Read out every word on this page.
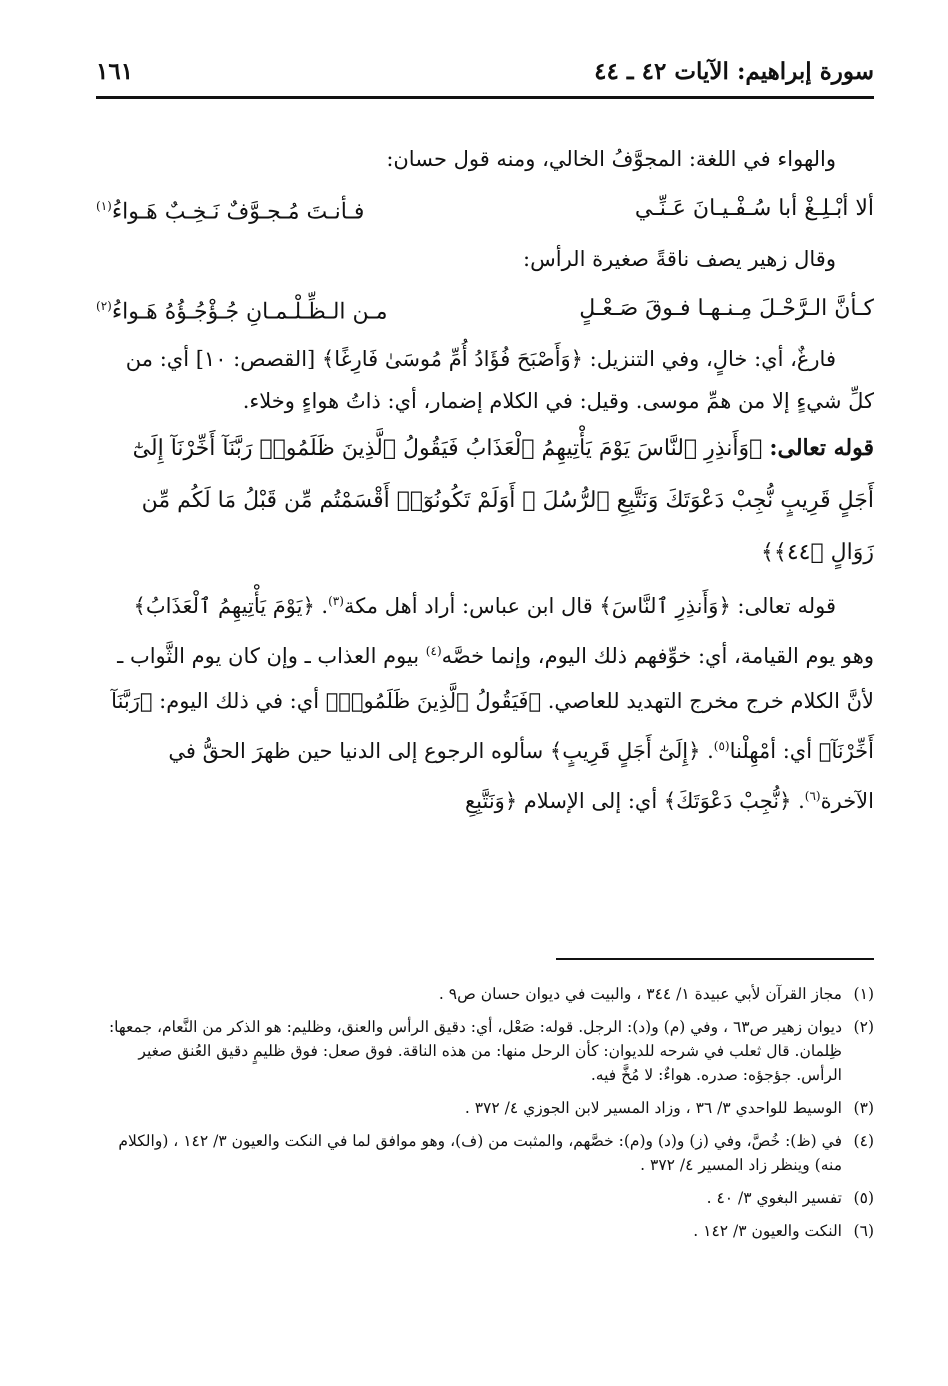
سورة إبراهيم: الآيات ٤٢ ـ ٤٤
١٦١

والهواء في اللغة: المجوَّفُ الخالي، ومنه قول حسان:

ألا أبْـلِـغْ أبا سُـفْـيـانَ عَـنِّـي
فـأنـتَ مُـجـوَّفٌ نَـخِـبٌ هَـواءُ$^{(١)}$

وقال زهير يصف ناقةً صغيرة الرأس:

كـأنَّ الـرَّحْـلَ مِـنـهـا فـوقَ صَـعْـلٍ
مـن الـظِّـلْـمـانِ جُـؤْجُـؤُهُ هَـواءُ$^{(٢)}$

فارغٌ، أي: خالٍ، وفي التنزيل: ﴿وَأَصْبَحَ فُؤَادُ أُمِّ مُوسَىٰ فَارِغًا﴾ [القصص: ١٠] أي: من كلِّ شيءٍ إلا من همِّ موسى. وقيل: في الكلام إضمار، أي: ذاتُ هواءٍ وخلاء.

قوله تعالى: ﴿وَأَنذِرِ ٱلنَّاسَ يَوْمَ يَأْتِيهِمُ ٱلْعَذَابُ فَيَقُولُ ٱلَّذِينَ ظَلَمُوا۟ رَبَّنَآ أَخِّرْنَآ إِلَىٰٓ أَجَلٍ قَرِيبٍ نُّجِبْ دَعْوَتَكَ وَنَتَّبِعِ ٱلرُّسُلَ ۗ أَوَلَمْ تَكُونُوٓا۟ أَقْسَمْتُم مِّن قَبْلُ مَا لَكُم مِّن زَوَالٍ ﴿٤٤﴾﴾

قوله تعالى: ﴿وَأَنذِرِ ٱلنَّاسَ﴾ قال ابن عباس: أراد أهل مكة$^{(٣)}$. ﴿يَوْمَ يَأْتِيهِمُ ٱلْعَذَابُ﴾ وهو يوم القيامة، أي: خوِّفهم ذلك اليوم، وإنما خصَّه$^{(٤)}$ بيوم العذاب ـ وإن كان يوم الثَّواب ـ لأنَّ الكلام خرج مخرج التهديد للعاصي. ﴿فَيَقُولُ ٱلَّذِينَ ظَلَمُوا۟﴾ أي: في ذلك اليوم: ﴿رَبَّنَآ أَخِّرْنَآ﴾ أي: أمْهِلْنا$^{(٥)}$. ﴿إِلَىٰٓ أَجَلٍ قَرِيبٍ﴾ سألوه الرجوع إلى الدنيا حين ظهرَ الحقُّ في الآخرة$^{(٦)}$. ﴿نُّجِبْ دَعْوَتَكَ﴾ أي: إلى الإسلام ﴿وَنَتَّبِعِ

(١)
مجاز القرآن لأبي عبيدة ١/ ٣٤٤ ، والبيت في ديوان حسان ص٩ .
(٢)
ديوان زهير ص٦٣ ، وفي (م) و(د): الرجل. قوله: صَعْل، أي: دقيق الرأس والعنق، وظليم: هو الذكر من النَّعام، جمعها: ظِلمان. قال ثعلب في شرحه للديوان: كأن الرحل منها: من هذه الناقة. فوق صعل: فوق ظليمٍ دقيق العُنق صغير الرأس. جؤجؤه: صدره. هواءٌ: لا مُخَّ فيه.
(٣)
الوسيط للواحدي ٣/ ٣٦ ، وزاد المسير لابن الجوزي ٤/ ٣٧٢ .
(٤)
في (ظ): خُصَّ، وفي (ز) و(د) و(م): خصَّهم، والمثبت من (ف)، وهو موافق لما في النكت والعيون ٣/ ١٤٢ ، (والكلام منه) وينظر زاد المسير ٤/ ٣٧٢ .
(٥)
تفسير البغوي ٣/ ٤٠ .
(٦)
النكت والعيون ٣/ ١٤٢ .
